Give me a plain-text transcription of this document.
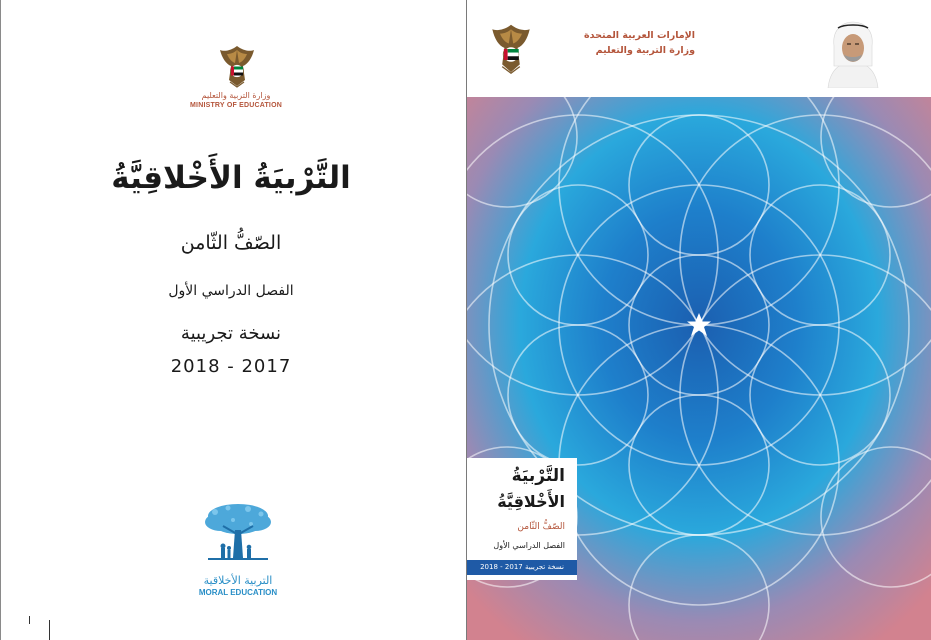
وزارة التربية والتعليم
MINISTRY OF EDUCATION
التَّرْبيَةُ الأَخْلاقِيَّةُ
الصّفُّ الثّامن
الفصل الدراسي الأول
نسخة تجريبية
2018 - 2017
التربية الأخلاقية
MORAL EDUCATION
الإمارات العربية المتحدة
وزارة التربية والتعليم
التَّرْبيَةُ
الأَخْلاقِيَّةُ
الصّفُّ الثّامن
الفصل الدراسي الأول
نسخة تجريبية 2017 - 2018
